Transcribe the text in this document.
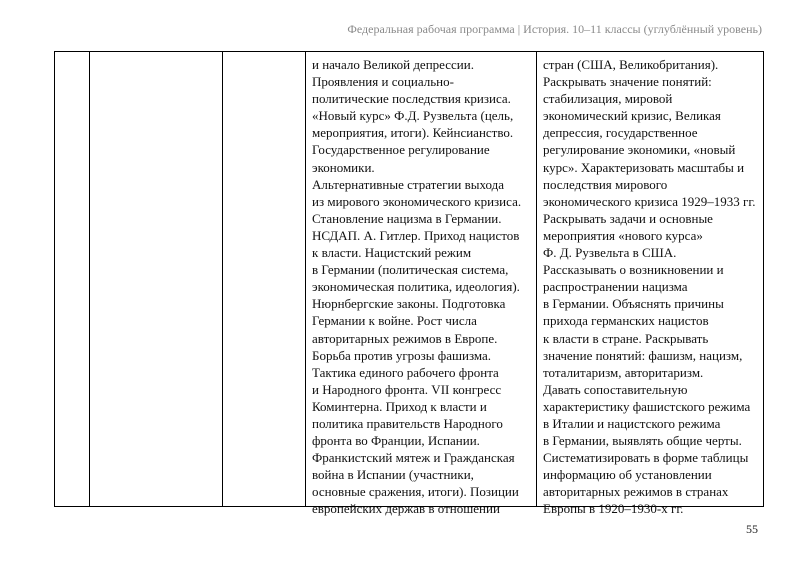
Федеральная рабочая программа | История. 10–11 классы (углублённый уровень)

и начало Великой депрессии.
Проявления и социально-
политические последствия кризиса.
«Новый курс» Ф.Д. Рузвельта (цель,
мероприятия, итоги). Кейнсианство.
Государственное регулирование
экономики.
Альтернативные стратегии выхода
из мирового экономического кризиса.
Становление нацизма в Германии.
НСДАП. А. Гитлер. Приход нацистов
к власти. Нацистский режим
в Германии (политическая система,
экономическая политика, идеология).
Нюрнбергские законы. Подготовка
Германии к войне. Рост числа
авторитарных режимов в Европе.
Борьба против угрозы фашизма.
Тактика единого рабочего фронта
и Народного фронта. VII конгресс
Коминтерна. Приход к власти и
политика правительств Народного
фронта во Франции, Испании.
Франкистский мятеж и Гражданская
война в Испании (участники,
основные сражения, итоги). Позиции
европейских держав в отношении

стран (США, Великобритания).
Раскрывать значение понятий:
стабилизация, мировой
экономический кризис, Великая
депрессия, государственное
регулирование экономики, «новый
курс». Характеризовать масштабы и
последствия мирового
экономического кризиса 1929–1933 гг.
Раскрывать задачи и основные
мероприятия «нового курса»
Ф. Д. Рузвельта в США.
Рассказывать о возникновении и
распространении нацизма
в Германии. Объяснять причины
прихода германских нацистов
к власти в стране. Раскрывать
значение понятий: фашизм, нацизм,
тоталитаризм, авторитаризм.
Давать сопоставительную
характеристику фашистского режима
в Италии и нацистского режима
в Германии, выявлять общие черты.
Систематизировать в форме таблицы
информацию об установлении
авторитарных режимов в странах
Европы в 1920–1930-х гг.
55
